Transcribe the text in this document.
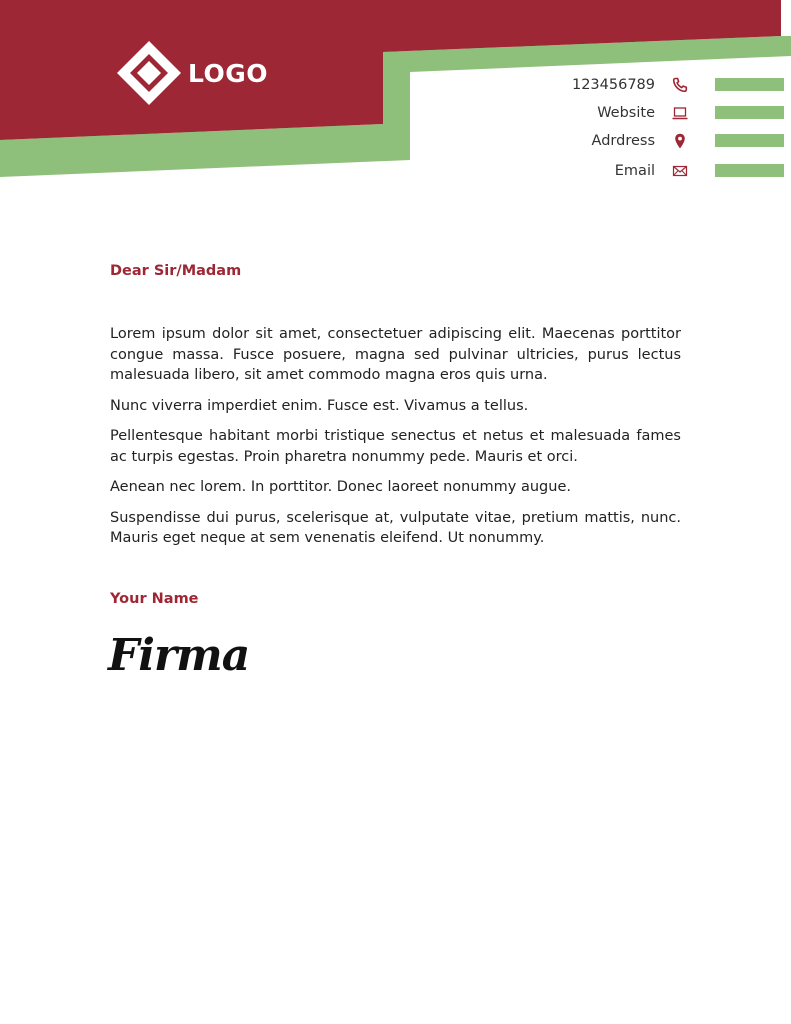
LOGO	123456789
Website
Adrdress
Email
Dear Sir/Madam

Lorem ipsum dolor sit amet, consectetuer adipiscing elit. Maecenas porttitor congue massa. Fusce posuere, magna sed pulvinar ultricies, purus lectus malesuada libero, sit amet commodo magna eros quis urna.

Nunc viverra imperdiet enim. Fusce est. Vivamus a tellus.

Pellentesque habitant morbi tristique senectus et netus et malesuada fames ac turpis egestas. Proin pharetra nonummy pede. Mauris et orci.

Aenean nec lorem. In porttitor. Donec laoreet nonummy augue.

Suspendisse dui purus, scelerisque at, vulputate vitae, pretium mattis, nunc. Mauris eget neque at sem venenatis eleifend. Ut nonummy.

Your Name
Firma
